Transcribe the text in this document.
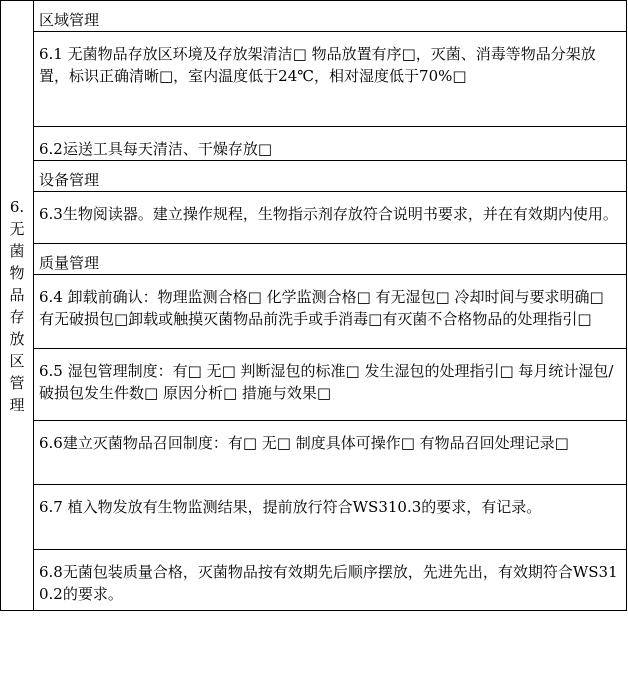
6.无菌物品存放区管理
	区域管理
6.1 无菌物品存放区环境及存放架清洁□ 物品放置有序□，灭菌、消毒等物品分架放置，标识正确清晰□，室内温度低于24℃，相对湿度低于70%□
6.2运送工具每天清洁、干燥存放□
设备管理
6.3生物阅读器。建立操作规程，生物指示剂存放符合说明书要求，并在有效期内使用。
质量管理
6.4 卸载前确认：物理监测合格□ 化学监测合格□ 有无湿包□ 冷却时间与要求明确□ 有无破损包□卸载或触摸灭菌物品前洗手或手消毒□有灭菌不合格物品的处理指引□
6.5 湿包管理制度：有□ 无□ 判断湿包的标准□ 发生湿包的处理指引□ 每月统计湿包/破损包发生件数□ 原因分析□ 措施与效果□
6.6建立灭菌物品召回制度：有□ 无□ 制度具体可操作□ 有物品召回处理记录□
6.7 植入物发放有生物监测结果，提前放行符合WS310.3的要求，有记录。
6.8无菌包装质量合格，灭菌物品按有效期先后顺序摆放，先进先出，有效期符合WS310.2的要求。
